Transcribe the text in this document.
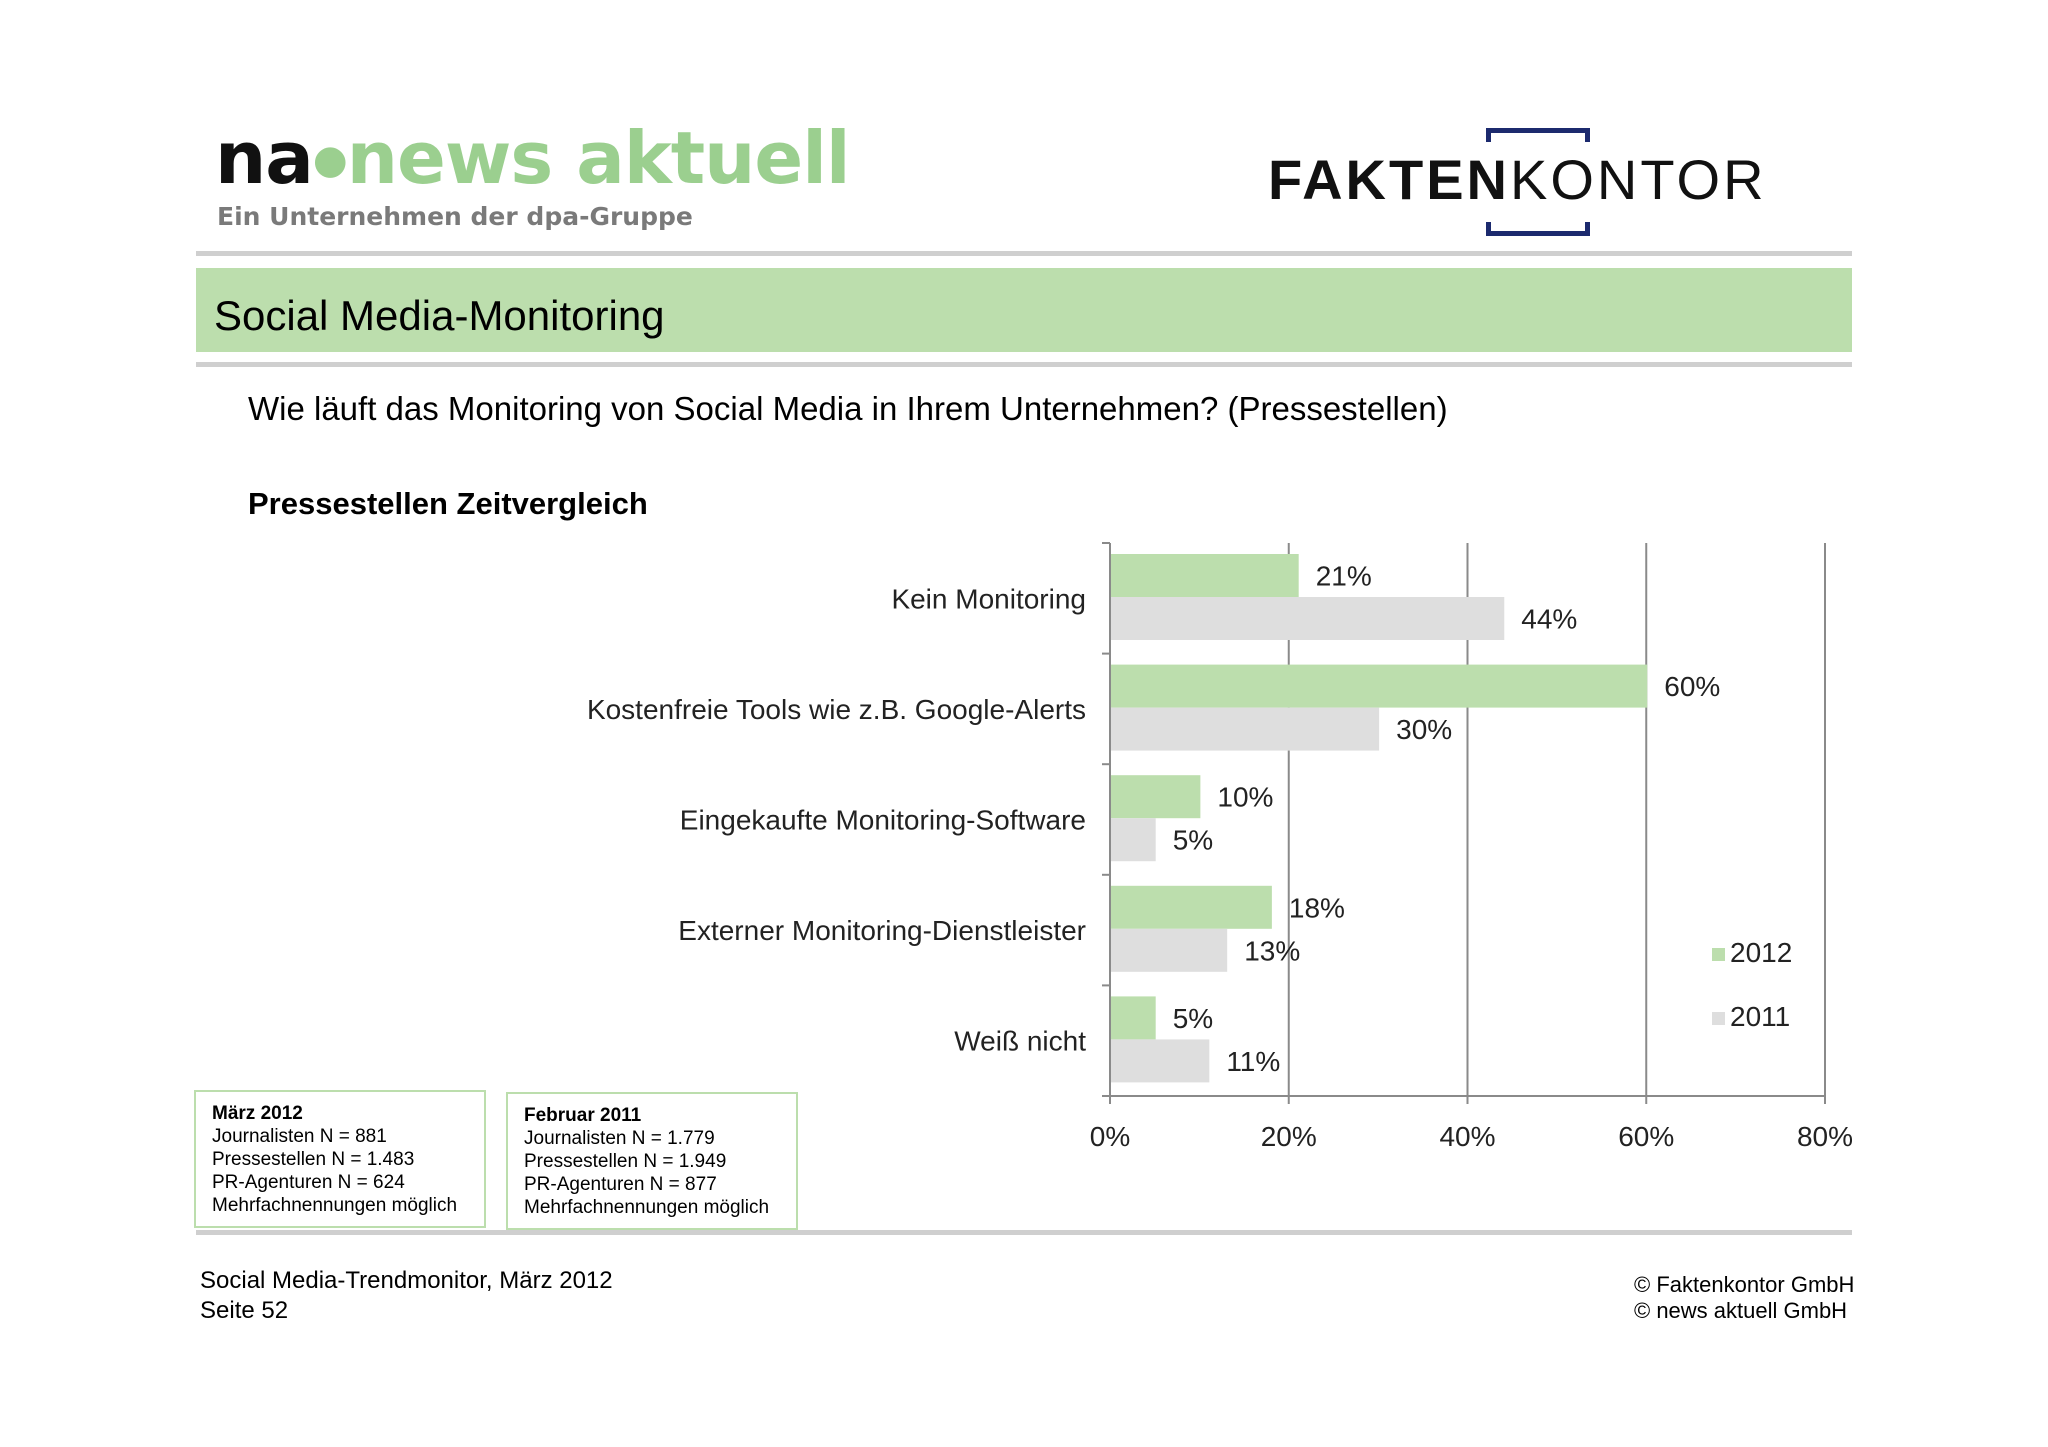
na●news aktuell
Ein Unternehmen der dpa-Gruppe
FAKTENKONTOR
Social Media-Monitoring
Wie läuft das Monitoring von Social Media in Ihrem Unternehmen? (Pressestellen)
Pressestellen Zeitvergleich
0%	20%	40%	60%	80%
21%
44%
Kein Monitoring
60%
30%
Kostenfreie Tools wie z.B. Google-Alerts
10%
5%
Eingekaufte Monitoring-Software
18%
13%
Externer Monitoring-Dienstleister
5%
11%
Weiß nicht
2012
2011
März 2012
Journalisten N = 881
Pressestellen N = 1.483
PR-Agenturen N = 624
Mehrfachnennungen möglich
Februar 2011
Journalisten N = 1.779
Pressestellen N = 1.949
PR-Agenturen N = 877
Mehrfachnennungen möglich
Social Media-Trendmonitor, März 2012
Seite 52
© Faktenkontor GmbH
© news aktuell GmbH
